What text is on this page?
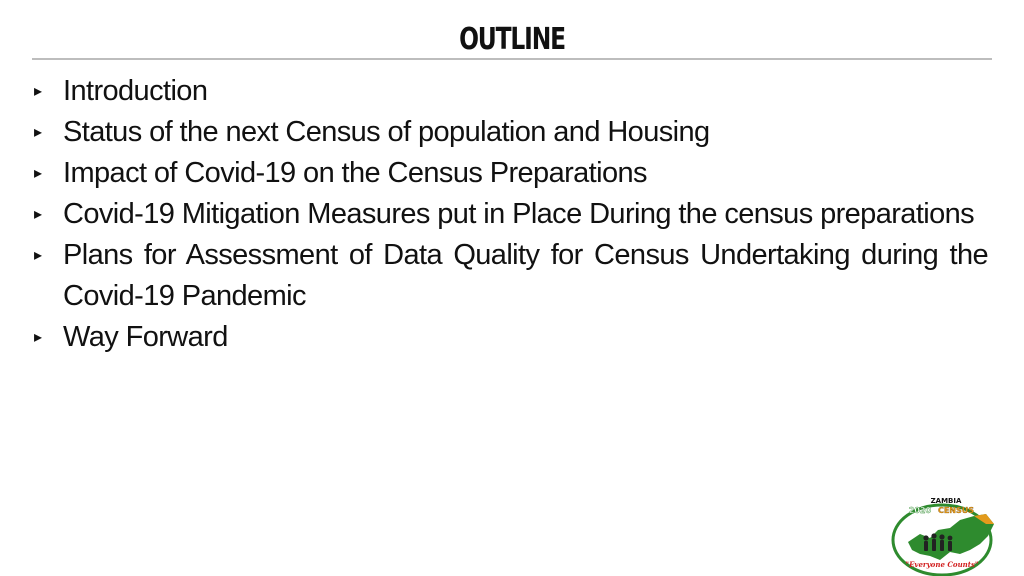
OUTLINE
▸ Introduction
▸ Status of the next Census of population and Housing
▸ Impact of Covid-19 on the Census Preparations
▸ Covid-19 Mitigation Measures put in Place During the census preparations
▸ Plans for Assessment of Data Quality for Census Undertaking during the Covid-19 Pandemic
▸ Way Forward
ZAMBIA
2020 CENSUS
"Everyone Counts"
